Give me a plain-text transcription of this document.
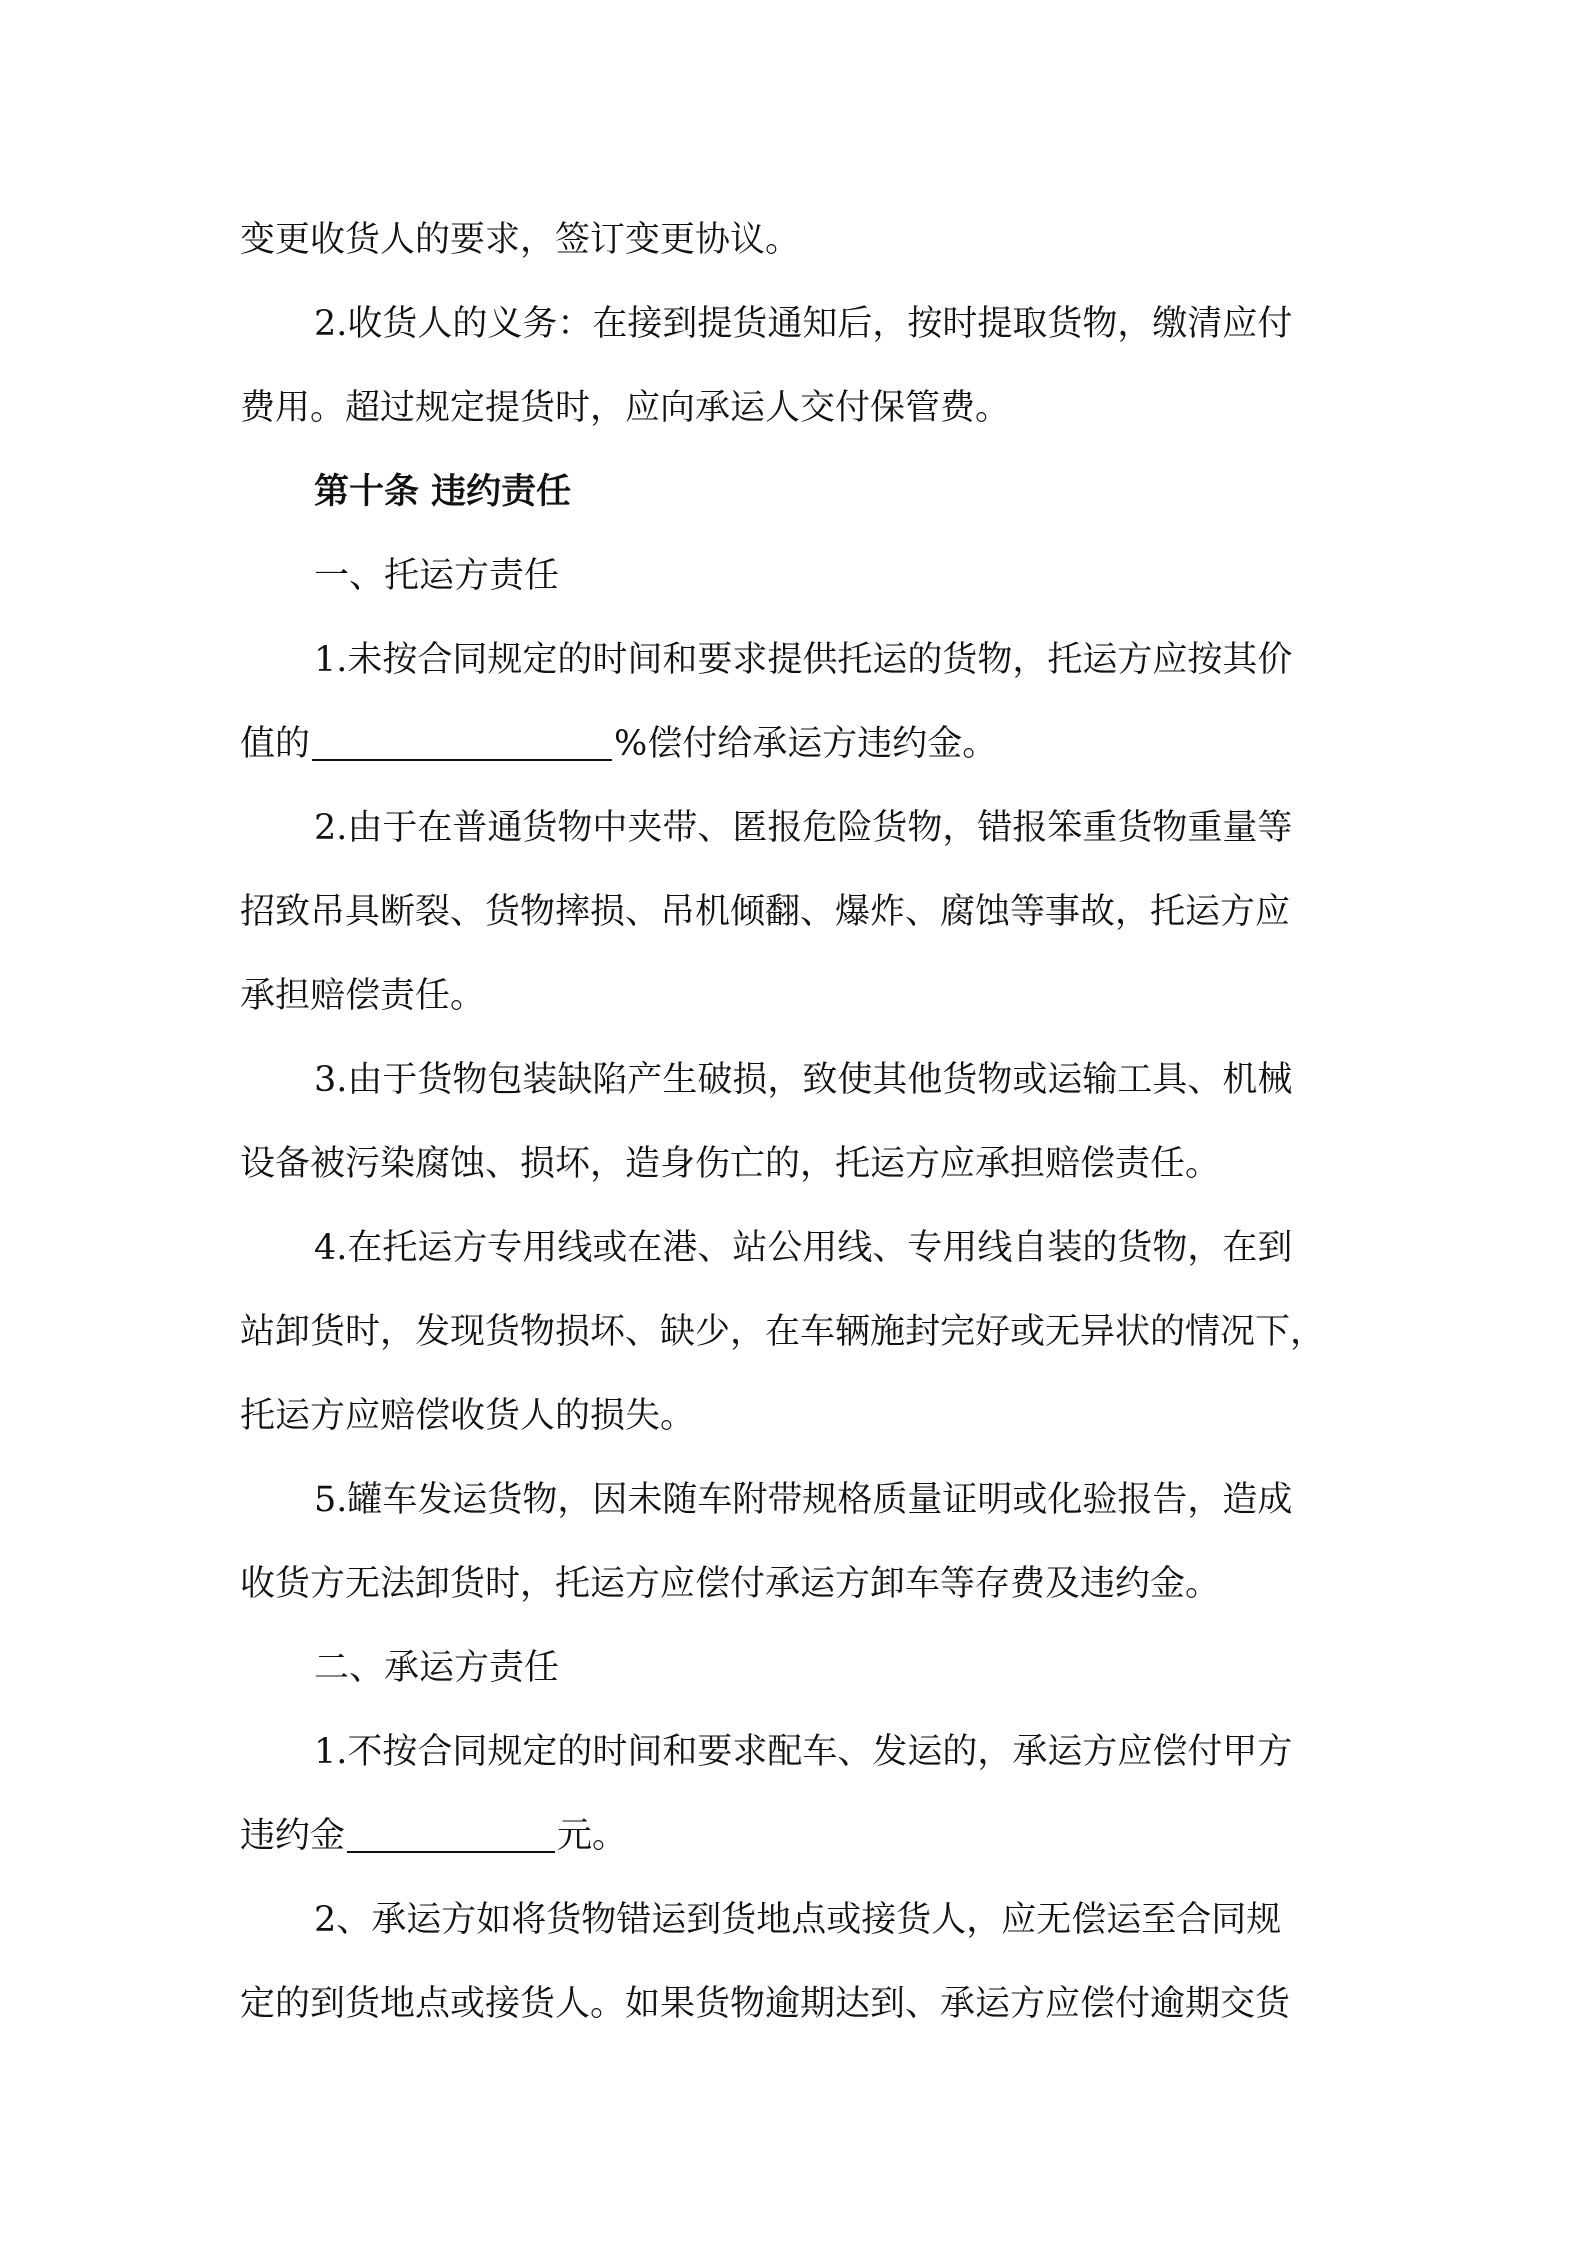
变更收货人的要求，签订变更协议。
2.收货人的义务：在接到提货通知后，按时提取货物，缴清应付
费用。超过规定提货时，应向承运人交付保管费。
第十条 违约责任
一、托运方责任
1.未按合同规定的时间和要求提供托运的货物，托运方应按其价
值的	%偿付给承运方违约金。
2.由于在普通货物中夹带、匿报危险货物，错报笨重货物重量等
招致吊具断裂、货物摔损、吊机倾翻、爆炸、腐蚀等事故，托运方应
承担赔偿责任。
3.由于货物包装缺陷产生破损，致使其他货物或运输工具、机械
设备被污染腐蚀、损坏，造身伤亡的，托运方应承担赔偿责任。
4.在托运方专用线或在港、站公用线、专用线自装的货物，在到
站卸货时，发现货物损坏、缺少，在车辆施封完好或无异状的情况下，
托运方应赔偿收货人的损失。
5.罐车发运货物，因未随车附带规格质量证明或化验报告，造成
收货方无法卸货时，托运方应偿付承运方卸车等存费及违约金。
二、承运方责任
1.不按合同规定的时间和要求配车、发运的，承运方应偿付甲方
违约金	元。
2、承运方如将货物错运到货地点或接货人，应无偿运至合同规
定的到货地点或接货人。如果货物逾期达到、承运方应偿付逾期交货
